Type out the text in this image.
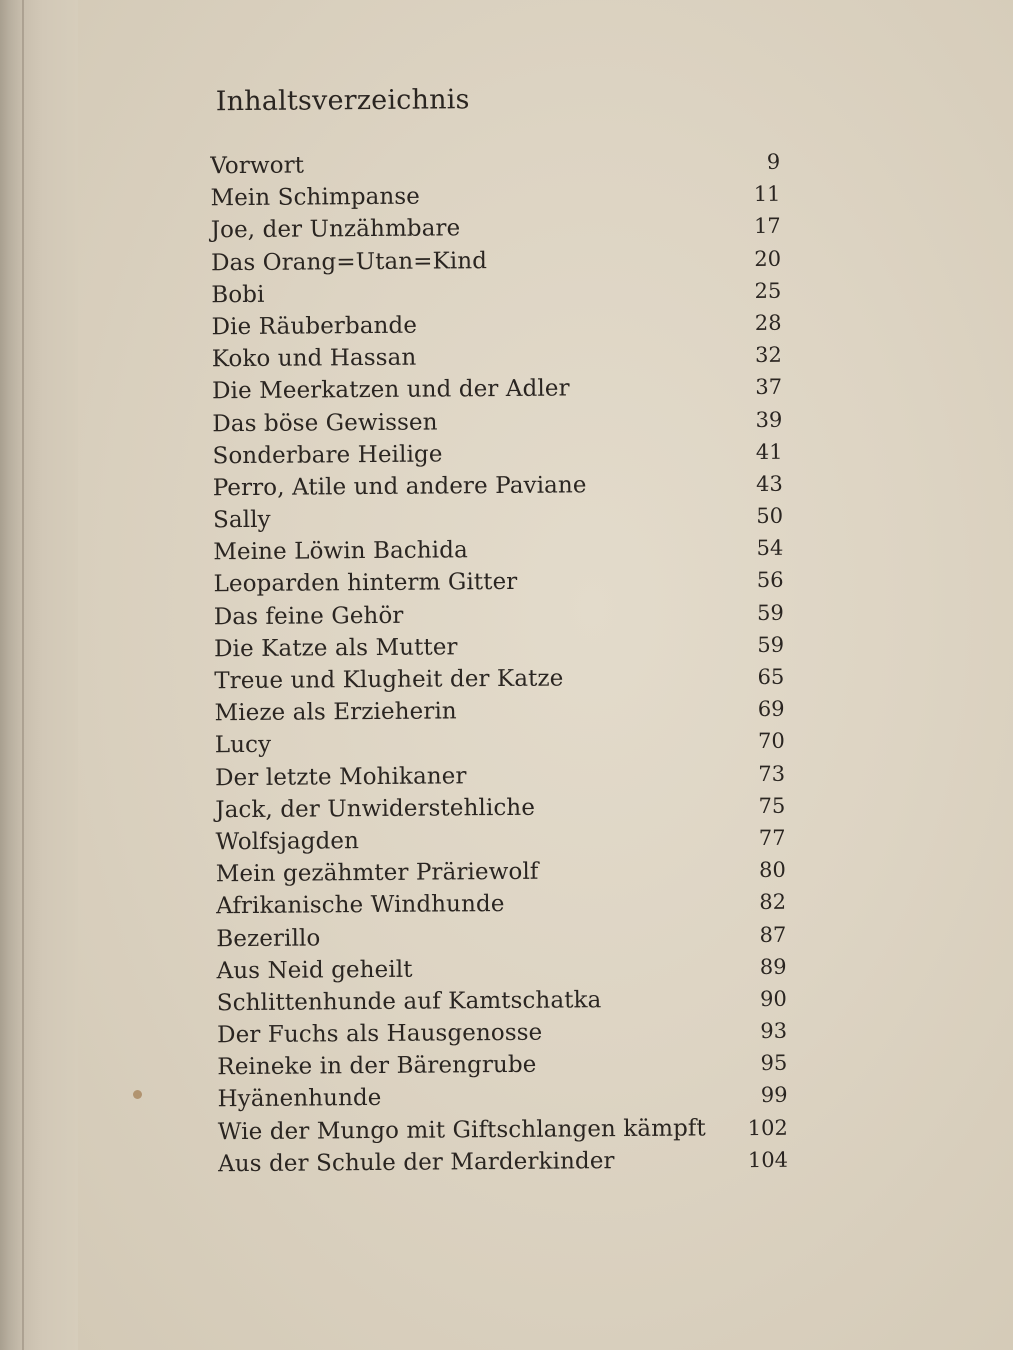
Inhaltsverzeichnis
Vorwort	9
Mein Schimpanse	11
Joe, der Unzähmbare	17
Das Orang=Utan=Kind	20
Bobi	25
Die Räuberbande	28
Koko und Hassan	32
Die Meerkatzen und der Adler	37
Das böse Gewissen	39
Sonderbare Heilige	41
Perro, Atile und andere Paviane	43
Sally	50
Meine Löwin Bachida	54
Leoparden hinterm Gitter	56
Das feine Gehör	59
Die Katze als Mutter	59
Treue und Klugheit der Katze	65
Mieze als Erzieherin	69
Lucy	70
Der letzte Mohikaner	73
Jack, der Unwiderstehliche	75
Wolfsjagden	77
Mein gezähmter Präriewolf	80
Afrikanische Windhunde	82
Bezerillo	87
Aus Neid geheilt	89
Schlittenhunde auf Kamtschatka	90
Der Fuchs als Hausgenosse	93
Reineke in der Bärengrube	95
Hyänenhunde	99
Wie der Mungo mit Giftschlangen kämpft 102
Aus der Schule der Marderkinder	104
